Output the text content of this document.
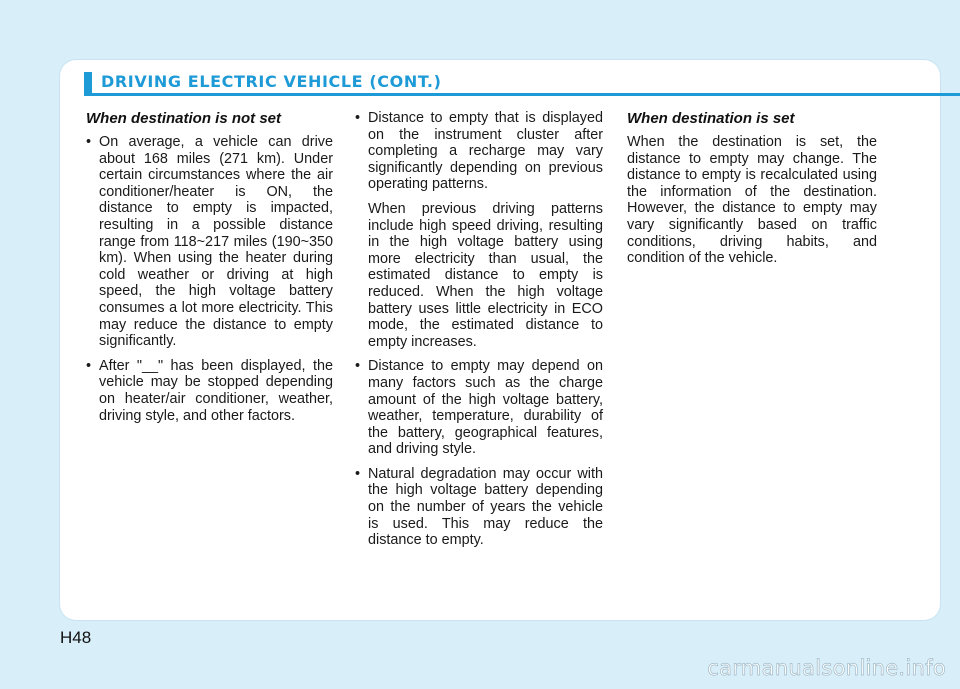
DRIVING ELECTRIC VEHICLE (CONT.)
When destination is not set
• On average, a vehicle can drive about 168 miles (271 km). Under certain circumstances where the air conditioner/heater is ON, the distance to empty is impacted, resulting in a possible distance range from 118~217 miles (190~350 km). When using the heater during cold weather or driving at high speed, the high voltage battery consumes a lot more electricity. This may reduce the distance to empty significantly.
• After "__" has been displayed, the vehicle may be stopped depending on heater/air conditioner, weather, driving style, and other factors.
• Distance to empty that is displayed on the instrument cluster after completing a recharge may vary significantly depending on previous operating patterns.
When previous driving patterns include high speed driving, resulting in the high voltage battery using more electricity than usual, the estimated distance to empty is reduced. When the high voltage battery uses little electricity in ECO mode, the estimated distance to empty increases.
• Distance to empty may depend on many factors such as the charge amount of the high voltage battery, weather, temperature, durability of the battery, geographical features, and driving style.
• Natural degradation may occur with the high voltage battery depending on the number of years the vehicle is used. This may reduce the distance to empty.
When destination is set

When the destination is set, the distance to empty may change. The distance to empty is recalculated using the information of the destination. However, the distance to empty may vary significantly based on traffic conditions, driving habits, and condition of the vehicle.

H48
carmanualsonline.info
